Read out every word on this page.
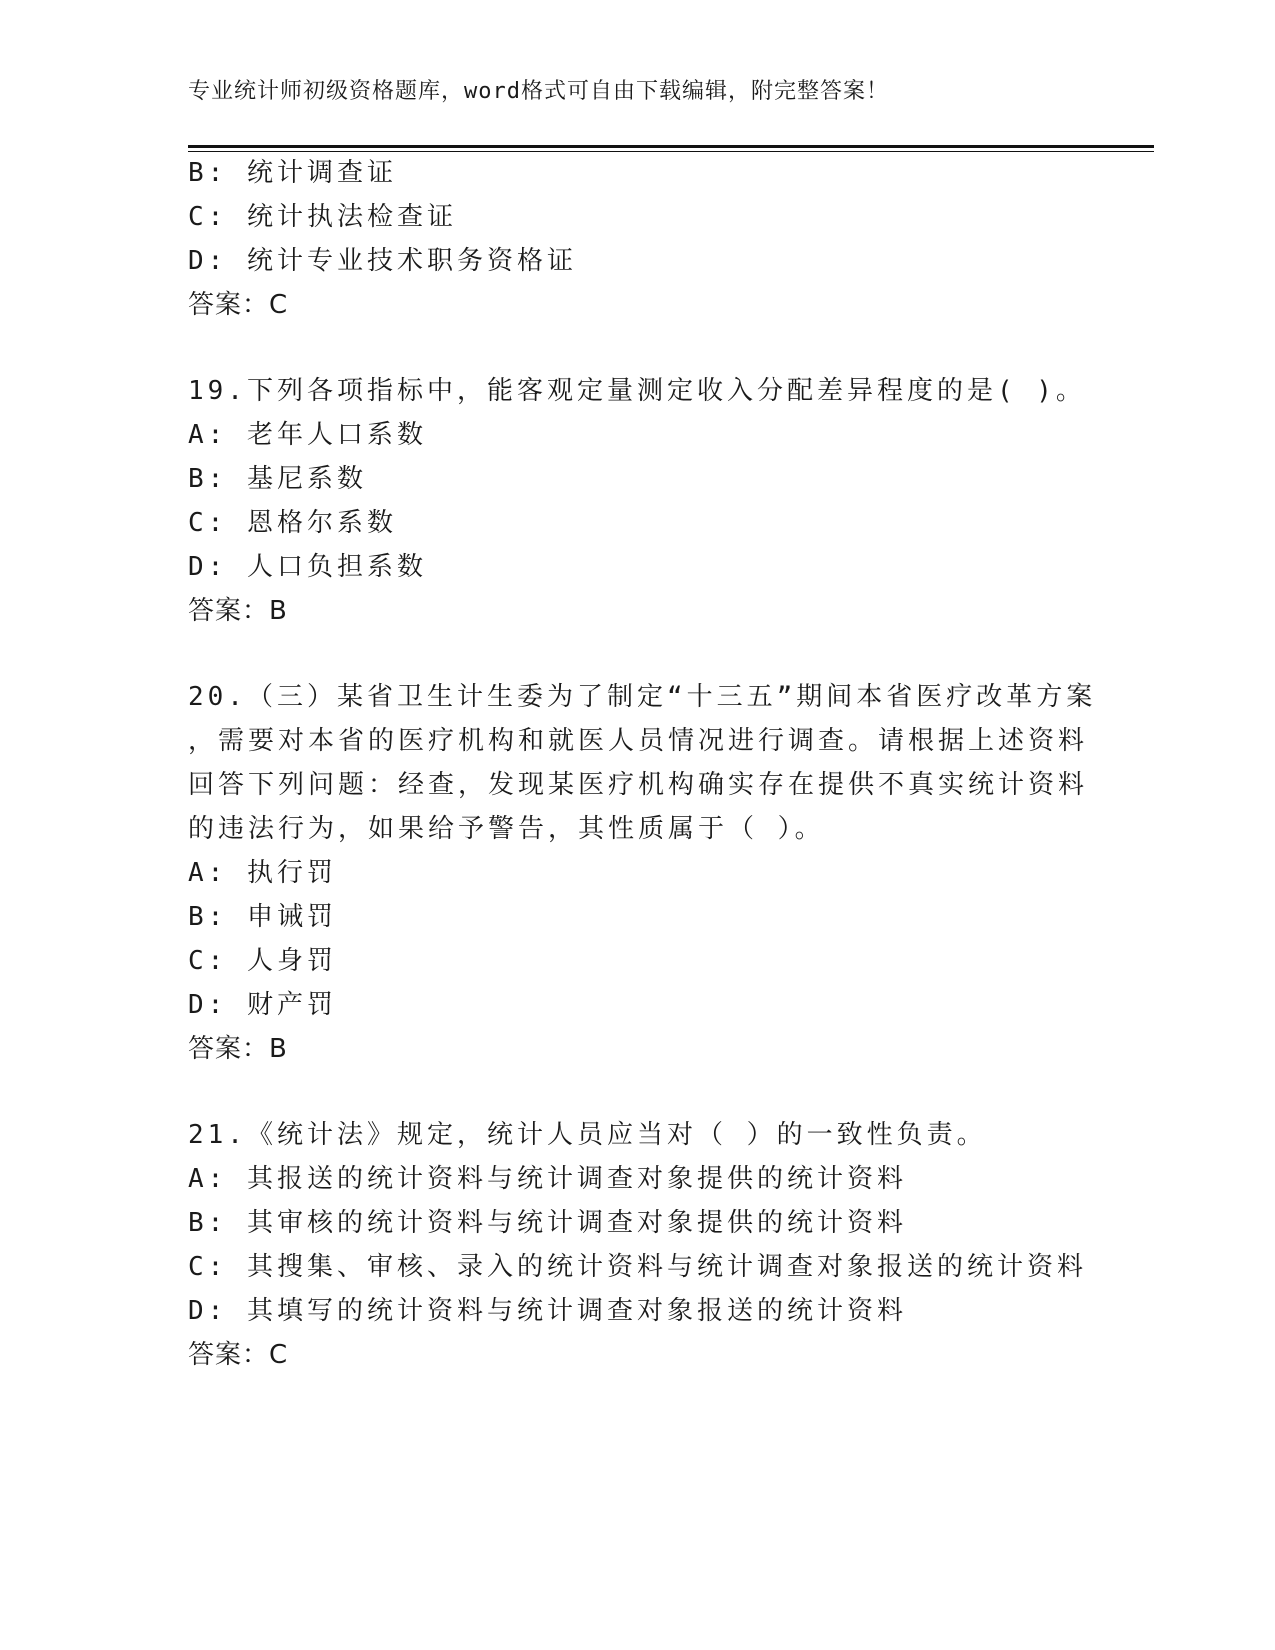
专业统计师初级资格题库，word格式可自由下载编辑，附完整答案！
B: 统计调查证
C: 统计执法检查证
D: 统计专业技术职务资格证
答案：C
19.下列各项指标中，能客观定量测定收入分配差异程度的是( )。
A: 老年人口系数
B: 基尼系数
C: 恩格尔系数
D: 人口负担系数
答案：B
20.（三）某省卫生计生委为了制定“十三五”期间本省医疗改革方案
，需要对本省的医疗机构和就医人员情况进行调查。请根据上述资料
回答下列问题：经查，发现某医疗机构确实存在提供不真实统计资料
的违法行为，如果给予警告，其性质属于（ ）。
A: 执行罚
B: 申诫罚
C: 人身罚
D: 财产罚
答案：B
21.《统计法》规定，统计人员应当对（ ）的一致性负责。
A: 其报送的统计资料与统计调查对象提供的统计资料
B: 其审核的统计资料与统计调查对象提供的统计资料
C: 其搜集、审核、录入的统计资料与统计调查对象报送的统计资料
D: 其填写的统计资料与统计调查对象报送的统计资料
答案：C
